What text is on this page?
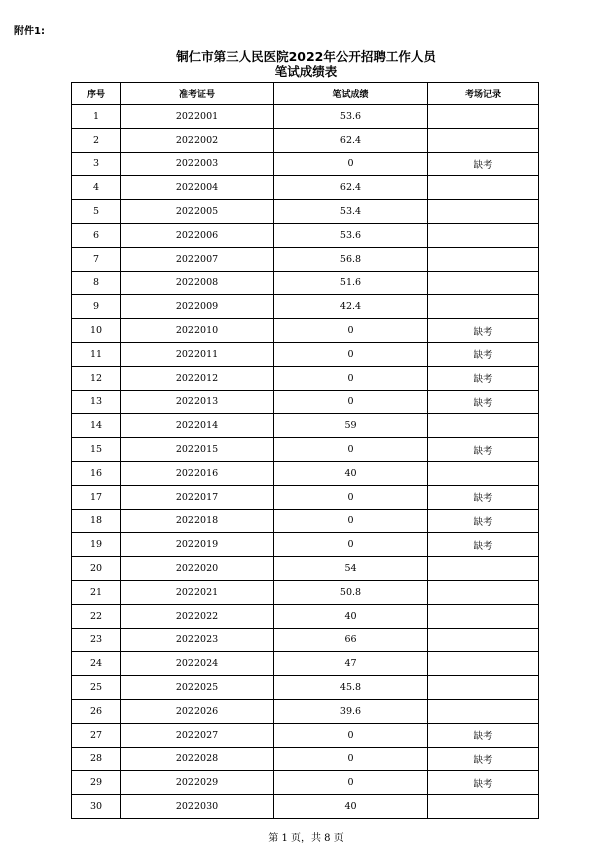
附件1:
铜仁市第三人民医院2022年公开招聘工作人员
笔试成绩表
序号	准考证号	笔试成绩	考场记录
1	2022001	53.6	
2	2022002	62.4	
3	2022003	0	缺考
4	2022004	62.4	
5	2022005	53.4	
6	2022006	53.6	
7	2022007	56.8	
8	2022008	51.6	
9	2022009	42.4	
10	2022010	0	缺考
11	2022011	0	缺考
12	2022012	0	缺考
13	2022013	0	缺考
14	2022014	59	
15	2022015	0	缺考
16	2022016	40	
17	2022017	0	缺考
18	2022018	0	缺考
19	2022019	0	缺考
20	2022020	54	
21	2022021	50.8	
22	2022022	40	
23	2022023	66	
24	2022024	47	
25	2022025	45.8	
26	2022026	39.6	
27	2022027	0	缺考
28	2022028	0	缺考
29	2022029	0	缺考
30	2022030	40	
第 1 页，共 8 页
